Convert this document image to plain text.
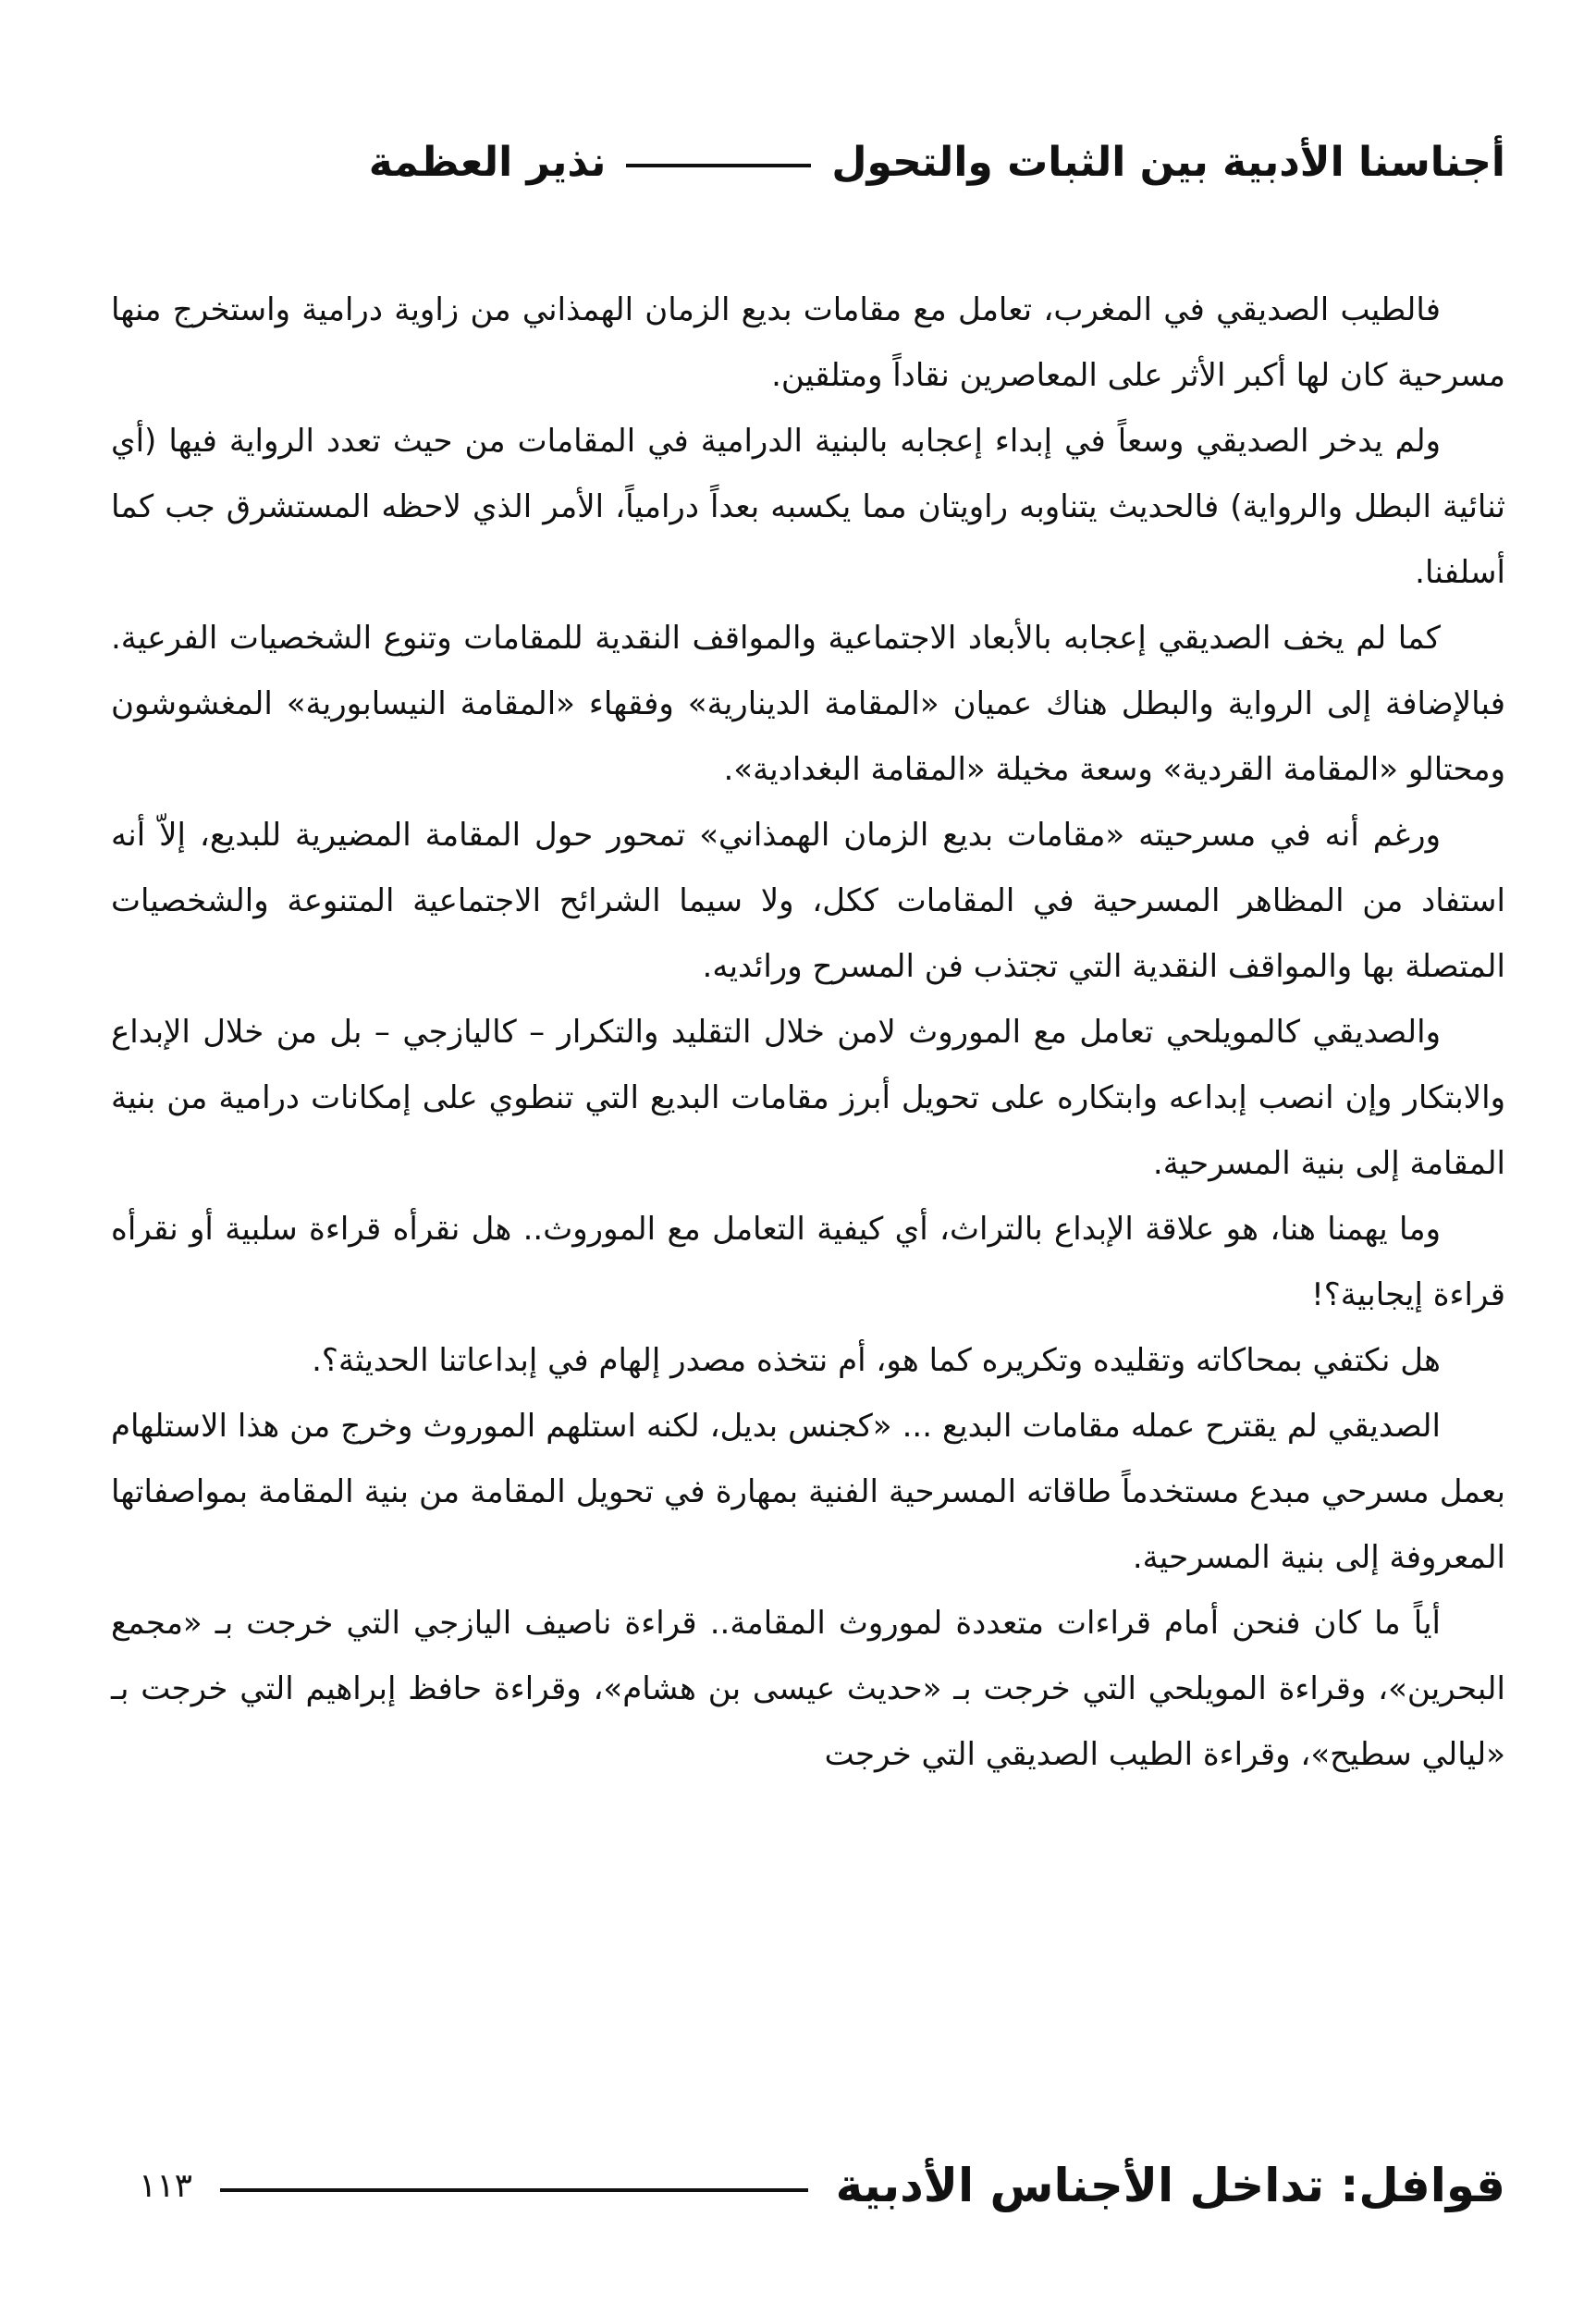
أجناسنا الأدبية بين الثبات والتحول
نذير العظمة

فالطيب الصديقي في المغرب، تعامل مع مقامات بديع الزمان الهمذاني من زاوية درامية واستخرج منها مسرحية كان لها أكبر الأثر على المعاصرين نقاداً ومتلقين.

ولم يدخر الصديقي وسعاً في إبداء إعجابه بالبنية الدرامية في المقامات من حيث تعدد الرواية فيها (أي ثنائية البطل والرواية) فالحديث يتناوبه راويتان مما يكسبه بعداً درامياً، الأمر الذي لاحظه المستشرق جب كما أسلفنا.

كما لم يخف الصديقي إعجابه بالأبعاد الاجتماعية والمواقف النقدية للمقامات وتنوع الشخصيات الفرعية. فبالإضافة إلى الرواية والبطل هناك عميان «المقامة الدينارية» وفقهاء «المقامة النيسابورية» المغشوشون ومحتالو «المقامة القردية» وسعة مخيلة «المقامة البغدادية».

ورغم أنه في مسرحيته «مقامات بديع الزمان الهمذاني» تمحور حول المقامة المضيرية للبديع، إلاّ أنه استفاد من المظاهر المسرحية في المقامات ككل، ولا سيما الشرائح الاجتماعية المتنوعة والشخصيات المتصلة بها والمواقف النقدية التي تجتذب فن المسرح ورائديه.

والصديقي كالمويلحي تعامل مع الموروث لامن خلال التقليد والتكرار – كاليازجي – بل من خلال الإبداع والابتكار وإن انصب إبداعه وابتكاره على تحويل أبرز مقامات البديع التي تنطوي على إمكانات درامية من بنية المقامة إلى بنية المسرحية.

وما يهمنا هنا، هو علاقة الإبداع بالتراث، أي كيفية التعامل مع الموروث.. هل نقرأه قراءة سلبية أو نقرأه قراءة إيجابية؟!

هل نكتفي بمحاكاته وتقليده وتكريره كما هو، أم نتخذه مصدر إلهام في إبداعاتنا الحديثة؟.

الصديقي لم يقترح عمله مقامات البديع ... «كجنس بديل، لكنه استلهم الموروث وخرج من هذا الاستلهام بعمل مسرحي مبدع مستخدماً طاقاته المسرحية الفنية بمهارة في تحويل المقامة من بنية المقامة بمواصفاتها المعروفة إلى بنية المسرحية.

أياً ما كان فنحن أمام قراءات متعددة لموروث المقامة.. قراءة ناصيف اليازجي التي خرجت بـ «مجمع البحرين»، وقراءة المويلحي التي خرجت بـ «حديث عيسى بن هشام»، وقراءة حافظ إبراهيم التي خرجت بـ «ليالي سطيح»، وقراءة الطيب الصديقي التي خرجت

قوافل: تداخل الأجناس الأدبية
١١٣
